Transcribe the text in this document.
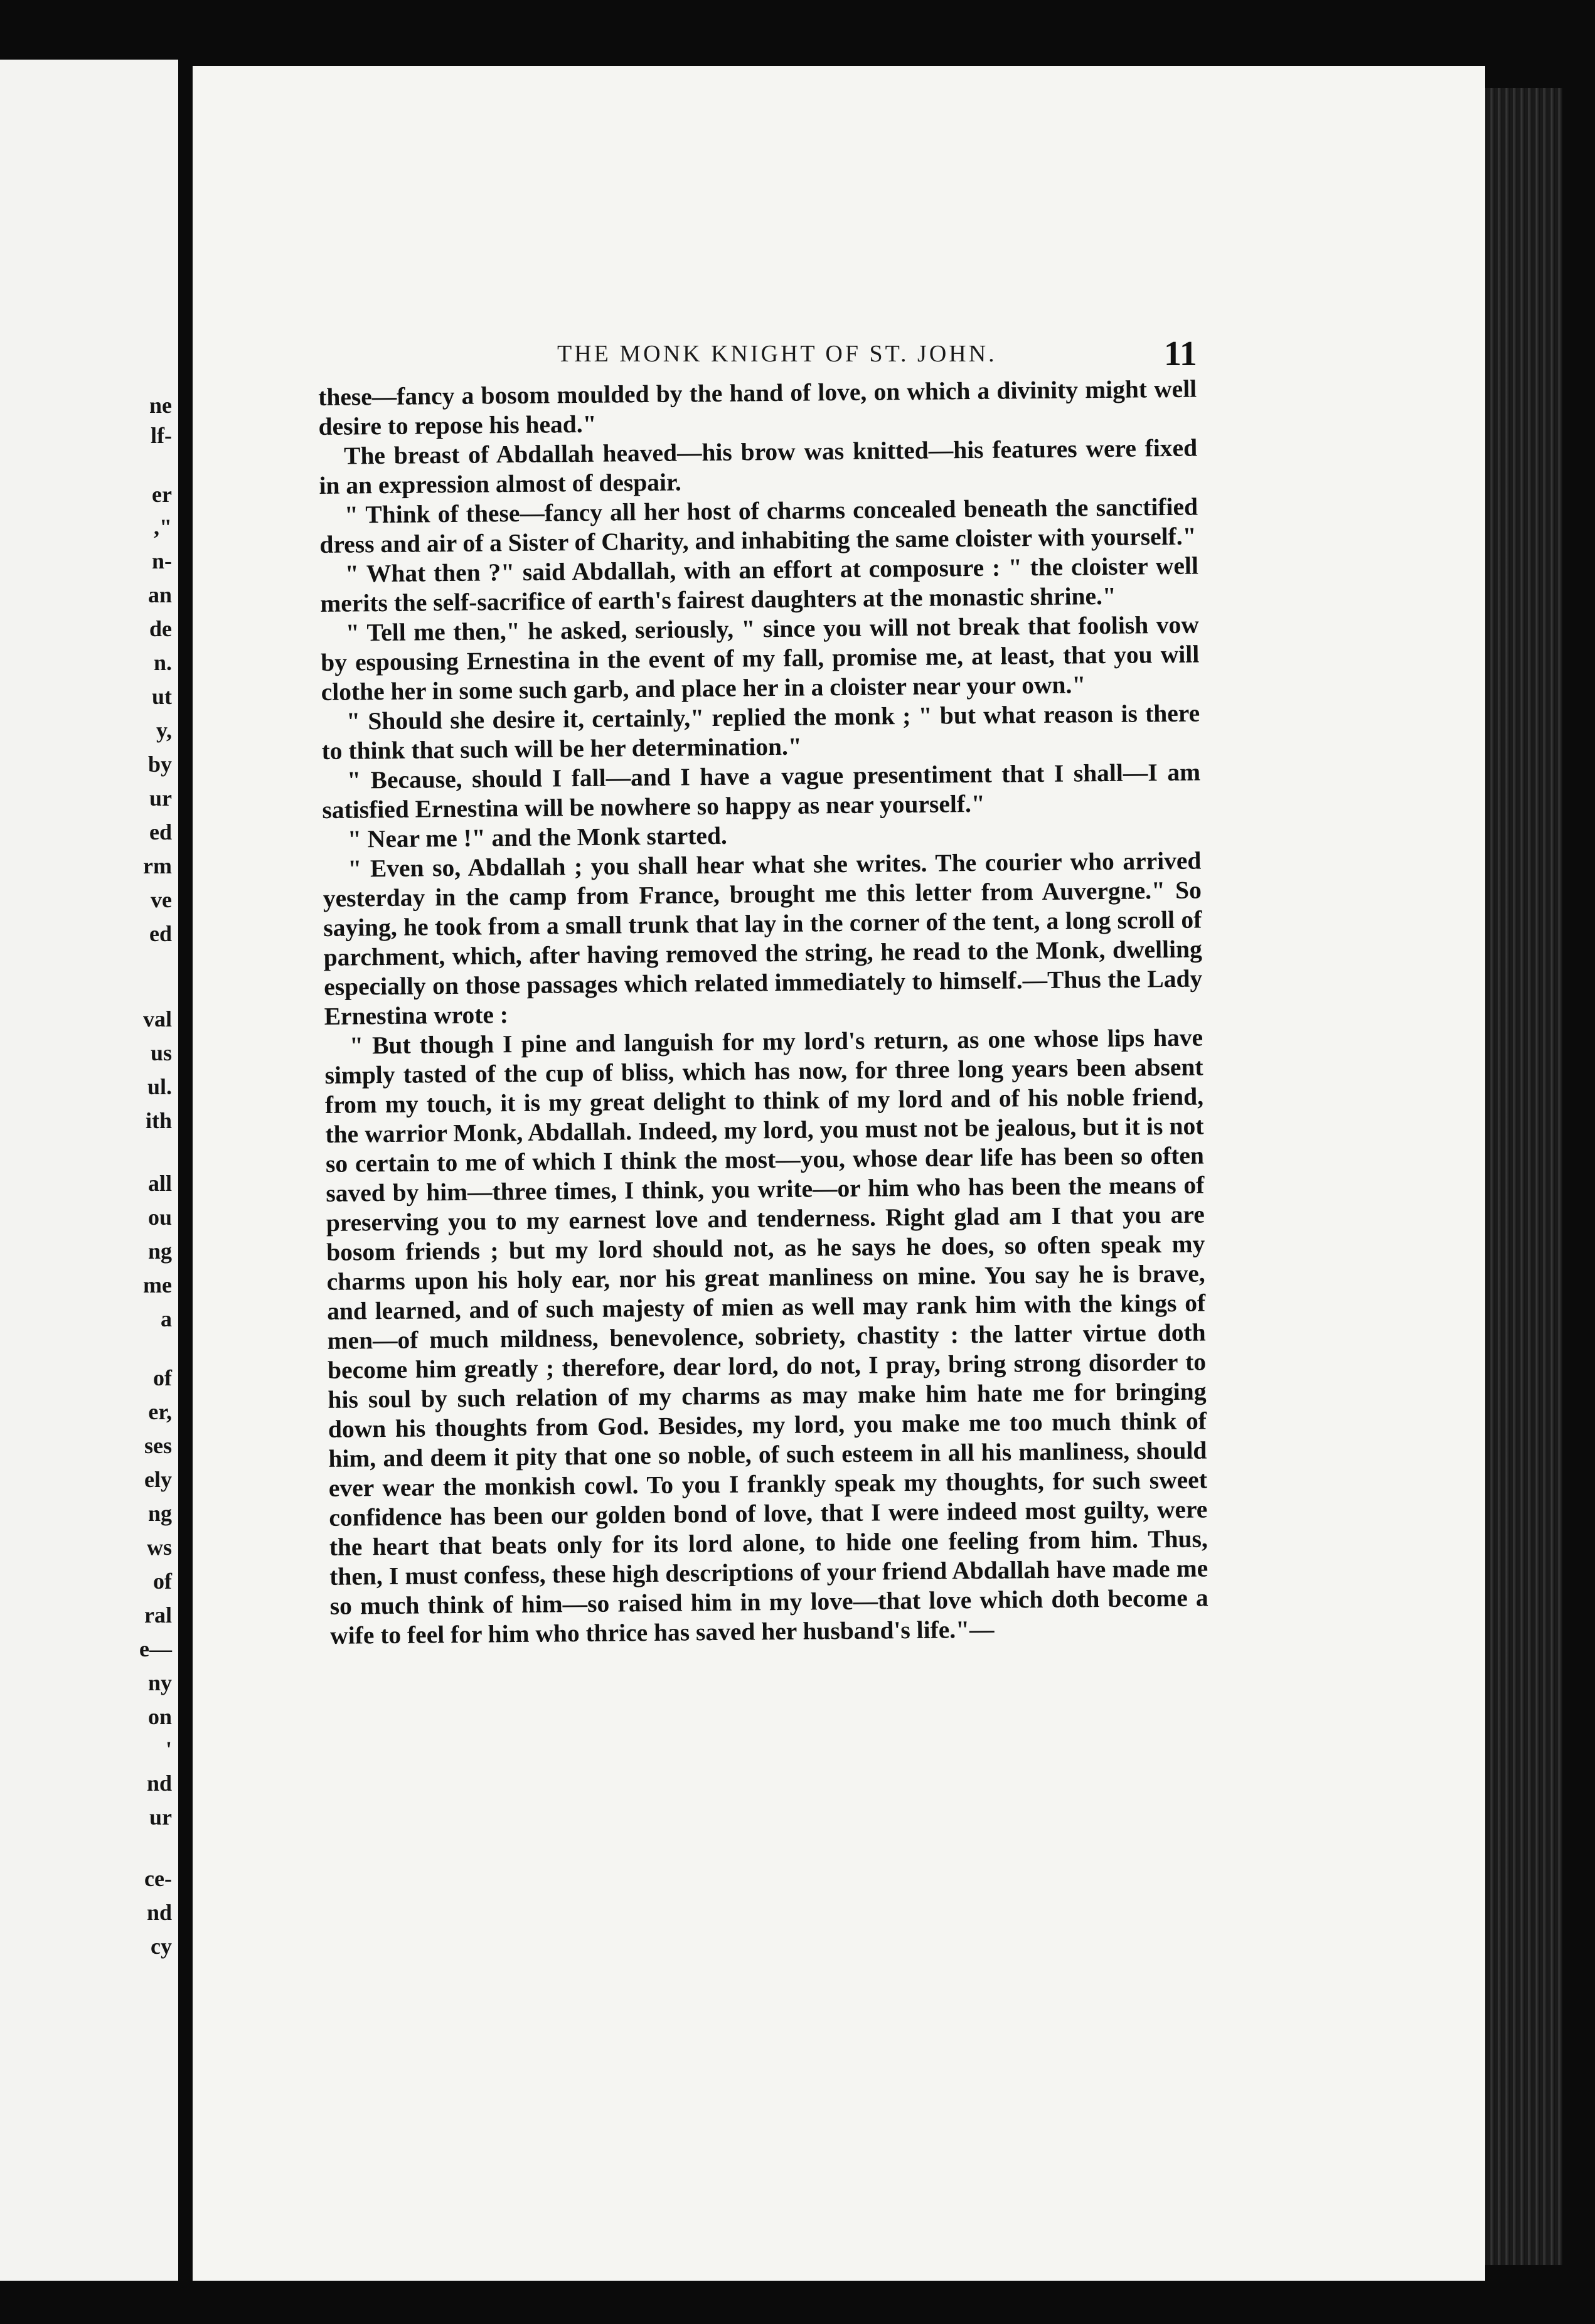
ne
lf-
er
,"
n-
an
de
n.
ut
y,
by
ur
ed
rm
ve
ed
val
us
ul.
ith
all
ou
ng
me
a
of
er,
ses
ely
ng
ws
of
ral
e—
ny
on
'
nd
ur
ce-
nd
cy
THE MONK KNIGHT OF ST. JOHN.	11

these—fancy a bosom moulded by the hand of love, on which a divinity might well desire to repose his head."

The breast of Abdallah heaved—his brow was knitted—his features were fixed in an expression almost of despair.

" Think of these—fancy all her host of charms concealed beneath the sanctified dress and air of a Sister of Charity, and inhabiting the same cloister with yourself."

" What then ?" said Abdallah, with an effort at composure : " the cloister well merits the self-sacrifice of earth's fairest daughters at the monastic shrine."

" Tell me then," he asked, seriously, " since you will not break that foolish vow by espousing Ernestina in the event of my fall, promise me, at least, that you will clothe her in some such garb, and place her in a cloister near your own."

" Should she desire it, certainly," replied the monk ; " but what reason is there to think that such will be her determination."

" Because, should I fall—and I have a vague presentiment that I shall—I am satisfied Ernestina will be nowhere so happy as near yourself."

" Near me !" and the Monk started.

" Even so, Abdallah ; you shall hear what she writes. The courier who arrived yesterday in the camp from France, brought me this letter from Auvergne." So saying, he took from a small trunk that lay in the corner of the tent, a long scroll of parchment, which, after having removed the string, he read to the Monk, dwelling especially on those passages which related immediately to himself.—Thus the Lady Ernestina wrote :

" But though I pine and languish for my lord's return, as one whose lips have simply tasted of the cup of bliss, which has now, for three long years been absent from my touch, it is my great delight to think of my lord and of his noble friend, the warrior Monk, Abdallah. Indeed, my lord, you must not be jealous, but it is not so certain to me of which I think the most—you, whose dear life has been so often saved by him—three times, I think, you write—or him who has been the means of preserving you to my earnest love and tenderness. Right glad am I that you are bosom friends ; but my lord should not, as he says he does, so often speak my charms upon his holy ear, nor his great manliness on mine. You say he is brave, and learned, and of such majesty of mien as well may rank him with the kings of men—of much mildness, benevolence, sobriety, chastity : the latter virtue doth become him greatly ; therefore, dear lord, do not, I pray, bring strong disorder to his soul by such relation of my charms as may make him hate me for bringing down his thoughts from God. Besides, my lord, you make me too much think of him, and deem it pity that one so noble, of such esteem in all his manliness, should ever wear the monkish cowl. To you I frankly speak my thoughts, for such sweet confidence has been our golden bond of love, that I were indeed most guilty, were the heart that beats only for its lord alone, to hide one feeling from him. Thus, then, I must confess, these high descriptions of your friend Abdallah have made me so much think of him—so raised him in my love—that love which doth become a wife to feel for him who thrice has saved her husband's life."—
